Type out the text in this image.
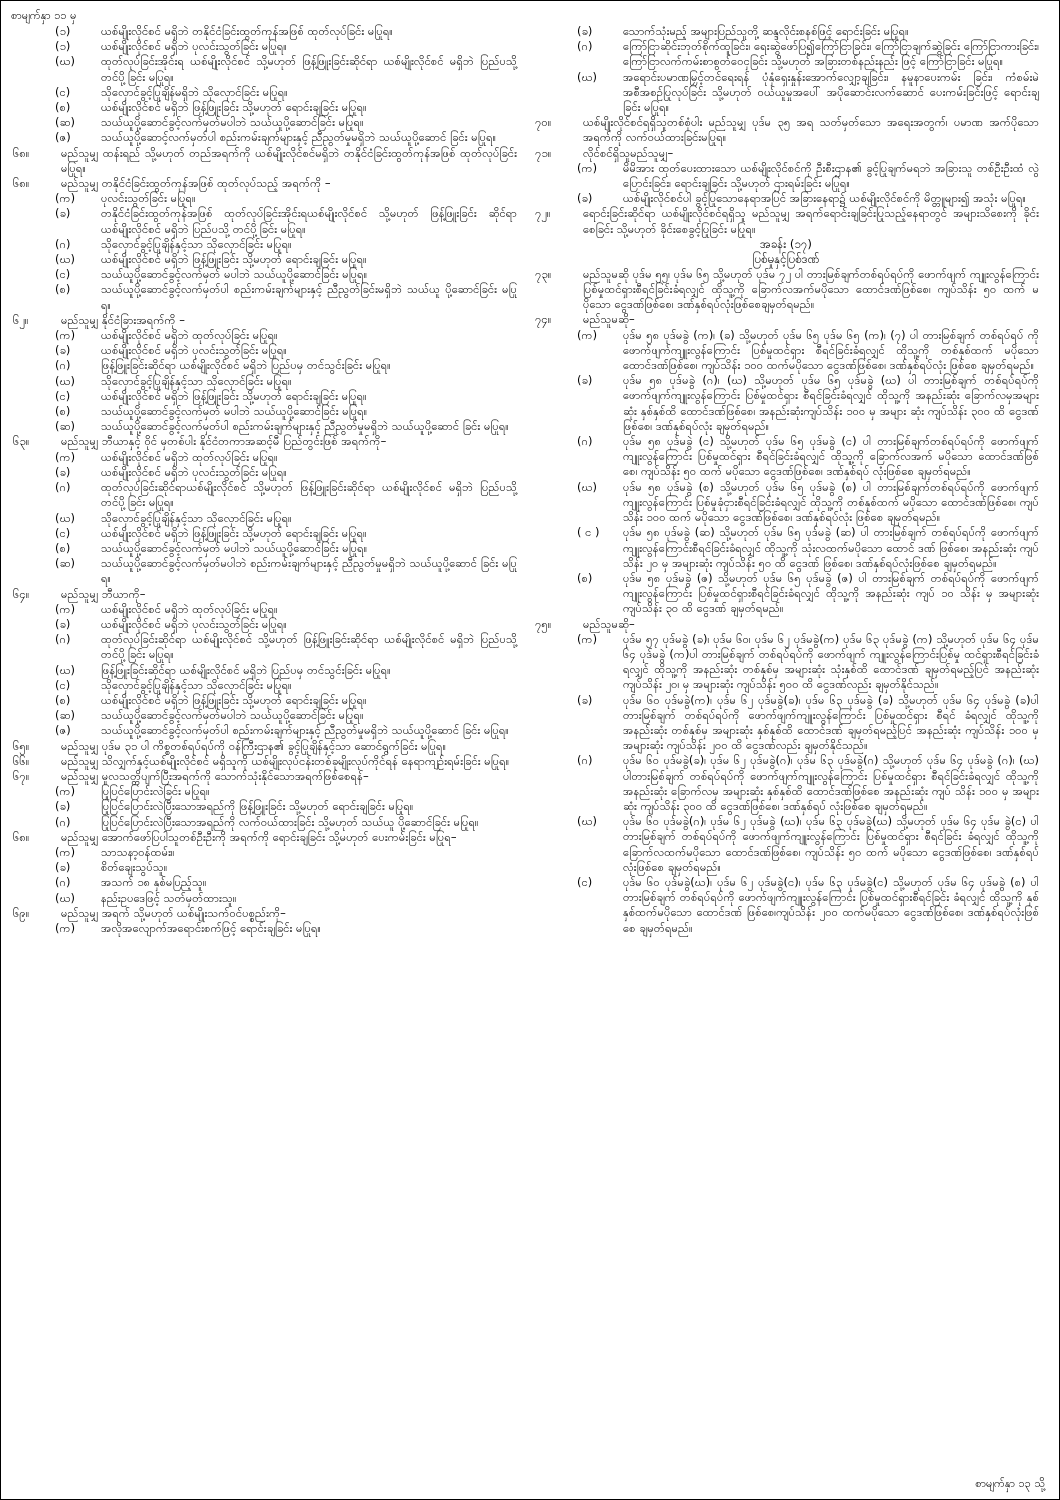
စာမျက်နှာ ၁၁ မှ
(၁)	ယစ်မျိုးလိုင်စင် မရှိဘဲ တနိုင်ငံခြင်းထွတ်ကုန်အဖြစ် ထုတ်လုပ်ခြင်း မပြုရ။
(၁)	ယစ်မျိုးလိုင်စင် မရှိဘဲ ပုလင်းသွတ်ခြင်း မပြုရ။
(ဃ)	ထုတ်လုပ်ခြင်းအိုင်းရ ယစ်မျိုးလိုင်စင် သို့မဟုတ် ဖြန့်ဖြူးခြင်းဆိုင်ရာ ယစ်မျိုးလိုင်စင် မရှိဘဲ ပြည်ပသို့ တင်ပို့ခြင်း မပြုရ။
(င)	သိုလှောင်ခွင့်ပြုချိန်မရှိဘဲ သိုလှောင်ခြင်း မပြုရ။
(စ)	ယစ်မျိုးလိုင်စင် မရှိဘဲ ဖြန့်ဖြူးခြင်း သို့မဟုတ် ရောင်းချခြင်း မပြုရ။
(ဆ)	သယ်ယူပို့ဆောင်ခွင့်လက်မှတ်မပါဘဲ သယ်ယူပို့ဆောင်ခြင်း မပြုရ။
(ဇ)	သယ်ယူပို့ဆောင့်လက်မှတ်ပါ စည်းကမ်းချက်များနှင့် ညီညွတ်မှုမရှိဘဲ သယ်ယူပို့ဆောင် ခြင်း မပြုရ။
၆၈။	မည်သူမျှ ထန်းရည် သို့မဟုတ် တည်အရက်ကို ယစ်မျိုးလိုင်စင်မရှိဘဲ တနိုင်ငံခြင်းထွတ်ကုန်အဖြစ် ထုတ်လုပ်ခြင်းမပြုရ။
၆၈။	မည်သူမျှ တနိုင်ငံခြင်းထွတ်ကုန်အဖြစ် ထုတ်လုပ်သည့် အရက်ကို –
(က)	ပုလင်းသွတ်ခြင်း မပြုရ။
(ခ)	တနိုင်ငံခြင်းထွတ်ကုန်အဖြစ် ထုတ်လုပ်ခြင်းအိုင်းရယစ်မျိုးလိုင်စင် သို့မဟုတ် ဖြန့်ဖြူးခြင်း ဆိုင်ရာ ယစ်မျိုးလိုင်စင် မရှိဘဲ ပြည်ပသို့ တင်ပို့ခြင်း မပြုရ။
(ဂ)	သိုလှောင်ခွင့်ပြုချိန်နှင့်သာ သိုလှောင်ခြင်း မပြုရ။
(ဃ)	ယစ်မျိုးလိုင်စင် မရှိဘဲ ဖြန့်ဖြူးခြင်း သို့မဟုတ် ရောင်းချခြင်း မပြုရ။
(င)	သယ်ယူပို့ဆောင်ခွင့်လက်မှတ် မပါဘဲ သယ်ယူပို့ဆောင်ခြင်း မပြုရ။
(စ)	သယ်ယူပို့ဆောင်ခွင့်လက်မှတ်ပါ စည်းကမ်းချက်များနှင့် ညီညွတ်ခြင်းမရှိဘဲ သယ်ယူ ပို့ဆောင်ခြင်း မပြုရ။
၆၂။	မည်သူမျှ နိုင်ငံခြားအရက်ကို –
(က)	ယစ်မျိုးလိုင်စင် မရှိဘဲ ထုတ်လုပ်ခြင်း မပြုရ။
(ခ)	ယစ်မျိုးလိုင်စင် မရှိဘဲ ပုလင်းသွတ်ခြင်း မပြုရ။
(ဂ)	ဖြန့်ဖြူးခြင်းဆိုင်ရာ ယစ်မျိုးလိုင်စင် မရှိဘဲ ပြည်ပမှ တင်သွင်းခြင်း မပြုရ။
(ဃ)	သိုလှောင်ခွင့်ပြုချိန်နှင့်သာ သိုလှောင်ခြင်း မပြုရ။
(င)	ယစ်မျိုးလိုင်စင် မရှိဘဲ ဖြန့်ဖြူးခြင်း သို့မဟုတ် ရောင်းချခြင်း မပြုရ။
(စ)	သယ်ယူပို့ဆောင်ခွင့်လက်မှတ် မပါဘဲ သယ်ယူပို့ဆောင်ခြင်း မပြုရ။
(ဆ)	သယ်ယူပို့ဆောင်ခွင့်လက်မှတ်ပါ စည်းကမ်းချက်များနှင့် ညီညွတ်မှုမရှိဘဲ သယ်ယူပို့ဆောင် ခြင်း မပြုရ။
၆၃။	မည်သူမျှ ဘီယာနှင့် ဝိုင် မှတစ်ပါး နိုင်ငံတကာအဆင့်မီ ပြည်တွင်းဖြစ် အရက်ကို–
(က)	ယစ်မျိုးလိုင်စင် မရှိဘဲ ထုတ်လုပ်ခြင်း မပြုရ။
(ခ)	ယစ်မျိုးလိုင်စင် မရှိဘဲ ပုလင်းသွတ်ခြင်း မပြုရ။
(ဂ)	ထုတ်လုပ်ခြင်းဆိုင်ရာယစ်မျိုးလိုင်စင် သို့မဟုတ် ဖြန့်ဖြူးခြင်းဆိုင်ရာ ယစ်မျိုးလိုင်စင် မရှိဘဲ ပြည်ပသို့ တင်ပို့ခြင်း မပြုရ။
(ဃ)	သိုလှောင်ခွင့်ပြုချိန်နှင့်သာ သိုလှောင်ခြင်း မပြုရ။
(င)	ယစ်မျိုးလိုင်စင် မရှိဘဲ ဖြန့်ဖြူးခြင်း သို့မဟုတ် ရောင်းချခြင်း မပြုရ။
(စ)	သယ်ယူပို့ဆောင်ခွင့်လက်မှတ် မပါဘဲ သယ်ယူပို့ဆောင်ခြင်း မပြုရ။
(ဆ)	သယ်ယူပို့ဆောင်ခွင့်လက်မှတ်မပါဘဲ စည်းကမ်းချက်များနှင့် ညီညွတ်မှုမရှိဘဲ သယ်ယူပို့ဆောင် ခြင်း မပြုရ။
၆၄။	မည်သူမျှ ဘီယာကို–
(က)	ယစ်မျိုးလိုင်စင် မရှိဘဲ ထုတ်လုပ်ခြင်း မပြုရ။
(ခ)	ယစ်မျိုးလိုင်စင် မရှိဘဲ ပုလင်းသွတ်ခြင်း မပြုရ။
(ဂ)	ထုတ်လုပ်ခြင်းဆိုင်ရာ ယစ်မျိုးလိုင်စင် သို့မဟုတ် ဖြန့်ဖြူးခြင်းဆိုင်ရာ ယစ်မျိုးလိုင်စင် မရှိဘဲ ပြည်ပသို့ တင်ပို့ခြင်း မပြုရ။
(ဃ)	ဖြန့်ဖြူးခြင်းဆိုင်ရာ ယစ်မျိုးလိုင်စင် မရှိဘဲ ပြည်ပမှ တင်သွင်းခြင်း မပြုရ။
(င)	သိုလှောင်ခွင့်ပြုချိန်နှင့်သာ သိုလှောင်ခြင်း မပြုရ။
(စ)	ယစ်မျိုးလိုင်စင် မရှိဘဲ ဖြန့်ဖြူးခြင်း သို့မဟုတ် ရောင်းချခြင်း မပြုရ။
(ဆ)	သယ်ယူပို့ဆောင်ခွင့်လက်မှတ်မပါဘဲ သယ်ယူပို့ဆောင်ခြင်း မပြုရ။
(ဇ)	သယ်ယူပို့ဆောင်ခွင့်လက်မှတ်ပါ စည်းကမ်းချက်များနှင့် ညီညွတ်မှုမရှိဘဲ သယ်ယူပို့ဆောင် ခြင်း မပြုရ။
၆၅။	မည်သူမျှ ပုဒ်မ ၃၁ ပါ ကိစ္စတစ်ရပ်ရပ်ကို ဝန်ကြီးဌာန၏ ခွင့်ပြုချိန်နှင့်သာ ဆောင်ရွက်ခြင်း မပြုရ။
၆၆။	မည်သူမျှ သိလျှက်နှင့်ယစ်မျိုးလိုင်စင် မရှိသူကို ယစ်မျိုးလုပ်ငန်းတစ်ခုမျိုးလုပ်ကိုင်ရန် နေရာကျဉ်းရမ်းခြင်း မပြုရ။
၆၇။	မည်သူမျှ မူလသတ္တိပျက်ပြီးအရက်ကို သောက်သုံးနိုင်သောအရက်ဖြစ်စေရန်–
(က)	ပြုပြင်ပြောင်းလဲခြင်း မပြုရ။
(ခ)	ပြုပြင်ပြောင်းလဲပြီးသောအရည်ကို ဖြန့်ဖြူးခြင်း သို့မဟုတ် ရောင်းချခြင်း မပြုရ။
(ဂ)	ပြုပြင်ပြောင်းလဲပြီးသောအရည်ကို လက်ဝယ်ထားခြင်း သို့မဟုတ် သယ်ယူ ပို့ဆောင်ခြင်း မပြုရ။
၆၈။	မည်သူမျှ အောက်ဖော်ပြပါသူတစ်ဦးဦးကို အရက်ကို ရောင်းချခြင်း သို့မဟုတ် ပေးကမ်းခြင်း မပြုရ–
(က)	သာသနာ့ဝန်ထမ်း။
(ခ)	စိတ်ချေးသွပ်သူ။
(ဂ)	အသက် ၁၈ နှစ်မပြည့်သူ။
(ဃ)	နည်းဥပဒေဖြင့် သတ်မှတ်ထားသူ။
၆၉။	မည်သူမျှ အရက် သို့မဟုတ် ယစ်မျိုးသက်ဝင်ပစ္စည်းကို–
(က)	အလိုအလျောက်အရောင်းစက်ဖြင့် ရောင်းချခြင်း မပြုရ။
(ခ)	သောက်သုံးမည့် အများပြည်သူတို့ ဆန္ဒလိုင်းစနစ်ဖြင့် ရောင်းခြင်း မပြုရ။
(ဂ)	ကြော်ငြာဆိုင်းဘုတ်စိုက်ထူခြင်း၊ ရေးဆွဲဖော်ပြ၍ကြော်ငြာခြင်း၊ ကြော်ငြာချက်ဆွဲခြင်း ကြော်ငြာကားခြင်း၊ ကြော်ငြာလက်ကမ်းစာစွတ်ဝေငှခြင်း သို့မဟုတ် အခြားတစ်နည်းနည်း ဖြင့် ကြော်ငြာခြင်း မပြုရ။
(ဃ)	အရောင်းပမာဏမြှင့်တင်ရေးရန် ပုံနှံရှေးနှုန်းအောက်လျှော့ချခြင်း၊ နမူနာပေးကမ်း ခြင်း၊ ကံစမ်းမဲအစီအစဉ်ပြုလုပ်ခြင်း သို့မဟုတ် ဝယ်ယူမှုအပေါ် အပိုဆောင်းလက်ဆောင် ပေးကမ်းခြင်းဖြင့် ရောင်းချခြင်း မပြုရ။
၇၀။	ယစ်မျိုးလိုင်စင်ရရှိသူတစ်စုံပါး မည်သူမျှ ပုဒ်မ ၃၅ အရ သတ်မှတ်သော အရေးအတွက်၊ ပမာဏ အက်ပိုသောအရက်ကို လက်ဝယ်ထားခြင်းမပြုရ။
၇၁။	လိုင်စင်ရှိသူမည်သူမျှ–
(က)	မိမိအား ထုတ်ပေးထားသော ယစ်မျိုးလိုင်စင်ကို ဦးစီးဌာန၏ ခွင့်ပြုချက်မရဘဲ အခြားသူ တစ်ဦးဦးထံ လွဲပြောင်းခြင်း၊ ရောင်းချခြင်း သို့မဟုတ် ဌားရမ်းခြင်း မပြုရ။
(ခ)	ယစ်မျိုးလိုင်စင်ပါ ခွင့်ပြုသောနေရာအပြင် အခြားနေရာ၌ ယစ်မျိုးလိုင်စင်ကို မိတ္တူများ၍ အသုံး မပြုရ။
၇၂။	ရောင်းခြင်းဆိုင်ရာ ယစ်မျိုးလိုင်စင်ရရှိသူ မည်သူမျှ အရက်ရောင်းချခြင်းပြုသည့်နေရာတွင် အများသိစေးကို ခိုင်းစေခြင်း သို့မဟုတ် ခိုင်းစေခွင့်ပြုခြင်း မပြုရ။
အခန်း (၁၇)
ပြစ်မှုနှင့်ပြစ်ဒဏ်
၇၃။	မည်သူမဆို ပုဒ်မ ၅၅၊ ပုဒ်မ ၆၅ သို့မဟုတ် ပုဒ်မ ၇၂ ပါ တားမြစ်ချက်တစ်ရပ်ရပ်ကို ဖောက်ဖျက် ကျူးလွန်ကြောင်း ပြစ်မှုထင်ရှားစီရင်ခြင်းခံရလျှင် ထိုသူ့ကို ခြောက်လအက်မပိုသော ထောင်ဒဏ်ဖြစ်စေ၊ ကျပ်သိန်း ၅၀ ထက် မပိုသော ငွေဒဏ်ဖြစ်စေ၊ ဒဏ်နှစ်ရပ်လုံးဖြစ်စေချမှတ်ရမည်။
၇၄။	မည်သူမဆို–
(က)	ပုဒ်မ ၅၈ ပုဒ်မခွဲ (က)၊ (ခ) သို့မဟုတ် ပုဒ်မ ၆၅ ပုဒ်မ ၆၅ (က)၊ (၇) ပါ တားမြစ်ချက် တစ်ရပ်ရပ် ကို ဖောက်ဖျက်ကျူးလွန်ကြောင်း ပြစ်မှုထင်ရှား စီရင်ခြင်းခံရလျှင် ထိုသူ့ကို တစ်နှစ်ထက် မပိုသော ထောင်ဒဏ်ဖြစ်စေ၊ ကျပ်သိန်း ၁၀၀ ထက်မပိုသော ငွေဒဏ်ဖြစ်စေ၊ ဒဏ်နှစ်ရပ်လုံး ဖြစ်စေ ချမှတ်ရမည်။
(ခ)	ပုဒ်မ ၅၈ ပုဒ်မခွဲ (ဂ)၊ (ဃ) သို့မဟုတ် ပုဒ်မ ၆၅ ပုဒ်မခွဲ (ဃ) ပါ တားမြစ်ချက် တစ်ရပ်ရပ်ကို ဖောက်ဖျက်ကျူးလွန်ကြောင်း ပြစ်မှုထင်ရှား စီရင်ခြင်းခံရလျှင် ထိုသူ့ကို အနည်းဆုံး ခြောက်လမှအများဆုံး နှစ်နှစ်ထိ ထောင်ဒဏ်ဖြစ်စေ၊ အနည်းဆုံးကျပ်သိန်း ၁၀၀ မှ အများ ဆုံး ကျပ်သိန်း ၃၀၀ ထိ ငွေဒဏ်ဖြစ်စေ၊ ဒဏ်နှစ်ရပ်လုံး ချမှတ်ရမည်။
(ဂ)	ပုဒ်မ ၅၈ ပုဒ်မခွဲ (င) သို့မဟုတ် ပုဒ်မ ၆၅ ပုဒ်မခွဲ (င) ပါ တားမြစ်ချက်တစ်ရပ်ရပ်ကို ဖောက်ဖျက် ကျူးလွန်ကြောင်း ပြစ်မှုထင်ရှား စီရင်ခြင်းခံရလျှင် ထိုသူ့ကို ခြောက်လအက် မပိုသော ထောင်ဒဏ်ဖြစ်စေ၊ ကျပ်သိန်း ၅၀ ထက် မပိုသော ငွေဒဏ်ဖြစ်စေ၊ ဒဏ်နှစ်ရပ် လုံးဖြစ်စေ ချမှတ်ရမည်။
(ဃ)	ပုဒ်မ ၅၈ ပုဒ်မခွဲ (စ) သို့မဟုတ် ပုဒ်မ ၆၅ ပုဒ်မခွဲ (စ) ပါ တားမြစ်ချက်တစ်ရပ်ရပ်ကို ဖောက်ဖျက်ကျူးလွန်ကြောင်း ပြစ်မှုခုံငှားစီရင်ခြင်းခံရလျှင် ထိုသူ့ကို တစ်နှစ်ထက် မပိုသော ထောင်ဒဏ်ဖြစ်စေ၊ ကျပ်သိန်း ၁၀၀ ထက် မပိုသော ငွေဒဏ်ဖြစ်စေ၊ ဒဏ်နှစ်ရပ်လုံး ဖြစ်စေ ချမှတ်ရမည်။
( င )	ပုဒ်မ ၅၈ ပုဒ်မခွဲ (ဆ) သို့မဟုတ် ပုဒ်မ ၆၅ ပုဒ်မခွဲ (ဆ) ပါ တားမြစ်ချက် တစ်ရပ်ရပ်ကို ဖောက်ဖျက်ကျူးလွန်ကြောင်းစီရင်ခြင်းခံရလျှင် ထိုသူ့ကို သုံးလထက်မပိုသော ထောင် ဒဏ် ဖြစ်စေ၊ အနည်းဆုံး ကျပ်သိန်း ၂၀ မှ အများဆုံး ကျပ်သိန်း ၅၀ ထိ ငွေဒဏ် ဖြစ်စေ၊ ဒဏ်နှစ်ရပ်လုံးဖြစ်စေ ချမှတ်ရမည်။
(စ)	ပုဒ်မ ၅၈ ပုဒ်မခွဲ (ဇ) သို့မဟုတ် ပုဒ်မ ၆၅ ပုဒ်မခွဲ (ဇ) ပါ တားမြစ်ချက် တစ်ရပ်ရပ်ကို ဖောက်ဖျက်ကျူးလွန်ကြောင်း ပြစ်မှုထင်ရှားစီရင်ခြင်းခံရလျှင် ထိုသူ့ကို အနည်းဆုံး ကျပ် ၁၀ သိန်း မှ အများဆုံး ကျပ်သိန်း ၃၀ ထိ ငွေဒဏ် ချမှတ်ရမည်။
၇၅။	မည်သူမဆို–
(က)	ပုဒ်မ ၅၇ ပုဒ်မခွဲ (ခ)၊ ပုဒ်မ ၆၀၊ ပုဒ်မ ၆၂ ပုဒ်မခွဲ(က) ပုဒ်မ ၆၃ ပုဒ်မခွဲ (က) သို့မဟုတ် ပုဒ်မ ၆၄ ပုဒ်မ ၆၄ ပုဒ်မခွဲ (က)ပါ တားမြစ်ချက် တစ်ရပ်ရပ်ကို ဖောက်ဖျက် ကျူးလွန်ကြောင်းပြစ်မှု ထင်ရှားစီရင်ခြင်းခံရလျှင် ထိုသူ့ကို အနည်းဆုံး တစ်နှစ်မှ အများဆုံး သုံးနှစ်ထိ ထောင်ဒဏ် ချမှတ်ရမည့်ပြင် အနည်းဆုံး ကျပ်သိန်း ၂၀၊ မှ အများဆုံး ကျပ်သိန်း ၅၀၀ ထိ ငွေဒဏ်လည်း ချမှတ်နိုင်သည်။
(ခ)	ပုဒ်မ ၆၀ ပုဒ်မခွဲ(က)၊ ပုဒ်မ ၆၂ ပုဒ်မခွဲ(ခ)၊ ပုဒ်မ ၆၃ ပုဒ်မခွဲ (ခ) သို့မဟုတ် ပုဒ်မ ၆၄ ပုဒ်မခွဲ (ခ)ပါ တားမြစ်ချက် တစ်ရပ်ရပ်ကို ဖောက်ဖျက်ကျူးလွန်ကြောင်း ပြစ်မှုထင်ရှား စီရင် ခံရလျှင် ထိုသူ့ကို အနည်းဆုံး တစ်နှစ်မှ အများဆုံး နှစ်နှစ်ထိ ထောင်ဒဏ် ချမှတ်ရမည့်ပြင် အနည်းဆုံး ကျပ်သိန်း ၁၀၀ မှ အများဆုံး ကျပ်သိန်း ၂၀၀ ထိ ငွေဒဏ်လည်း ချမှတ်နိုင်သည်။
(ဂ)	ပုဒ်မ ၆၀ ပုဒ်မခွဲ(ခ)၊ ပုဒ်မ ၆၂ ပုဒ်မခွဲ(ဂ)၊ ပုဒ်မ ၆၃ ပုဒ်မခွဲ(ဂ) သို့မဟုတ် ပုဒ်မ ၆၄ ပုဒ်မခွဲ (ဂ)၊ (ဃ) ပါတားမြစ်ချက် တစ်ရပ်ရပ်ကို ဖောက်ဖျက်ကျူးလွန်ကြောင်း ပြစ်မှုထင်ရှား စီရင်ခြင်းခံရလျှင် ထိုသူ့ကို အနည်းဆုံး ခြောက်လမှ အများဆုံး နှစ်နှစ်ထိ ထောင်ဒဏ်ဖြစ်စေ အနည်းဆုံး ကျပ် သိန်း ၁၀၀ မှ အများဆုံး ကျပ်သိန်း ၃၀၀ ထိ ငွေဒဏ်ဖြစ်စေ၊ ဒဏ်နှစ်ရပ် လုံးဖြစ်စေ ချမှတ်ရမည်။
(ဃ)	ပုဒ်မ ၆၀ ပုဒ်မခွဲ(ဂ)၊ ပုဒ်မ ၆၂ ပုဒ်မခွဲ (ဃ)၊ ပုဒ်မ ၆၃ ပုဒ်မခွဲ(ဃ) သို့မဟုတ် ပုဒ်မ ၆၄ ပုဒ်မ ခွဲ(င) ပါ တားမြစ်ချက် တစ်ရပ်ရပ်ကို ဖောက်ဖျက်ကျူးလွန်ကြောင်း ပြစ်မှုထင်ရှား စီရင်ခြင်း ခံရလျှင် ထိုသူ့ကို ခြောက်လထက်မပိုသော ထောင်ဒဏ်ဖြစ်စေ၊ ကျပ်သိန်း ၅၀ ထက် မပိုသော ငွေဒဏ်ဖြစ်စေ၊ ဒဏ်နှစ်ရပ်လုံးဖြစ်စေ ချမှတ်ရမည်။
(င)	ပုဒ်မ ၆၀ ပုဒ်မခွဲ(ဃ)၊ ပုဒ်မ ၆၂ ပုဒ်မခွဲ(င)၊ ပုဒ်မ ၆၃ ပုဒ်မခွဲ(င) သို့မဟုတ် ပုဒ်မ ၆၄ ပုဒ်မခွဲ (စ) ပါ တားမြစ်ချက် တစ်ရပ်ရပ်ကို ဖောက်ဖျက်ကျူးလွန်ကြောင်း ပြစ်မှုထင်ရှားစီရင်ခြင်း ခံရလျှင် ထိုသူ့ကို နှစ်နှစ်ထက်မပိုသော ထောင်ဒဏ် ဖြစ်စေ၊ကျပ်သိန်း ၂၀၀ ထက်မပိုသော ငွေဒဏ်ဖြစ်စေ၊ ဒဏ်နှစ်ရပ်လုံးဖြစ်စေ ချမှတ်ရမည်။
စာမျက်နှာ ၁၃ သို့
